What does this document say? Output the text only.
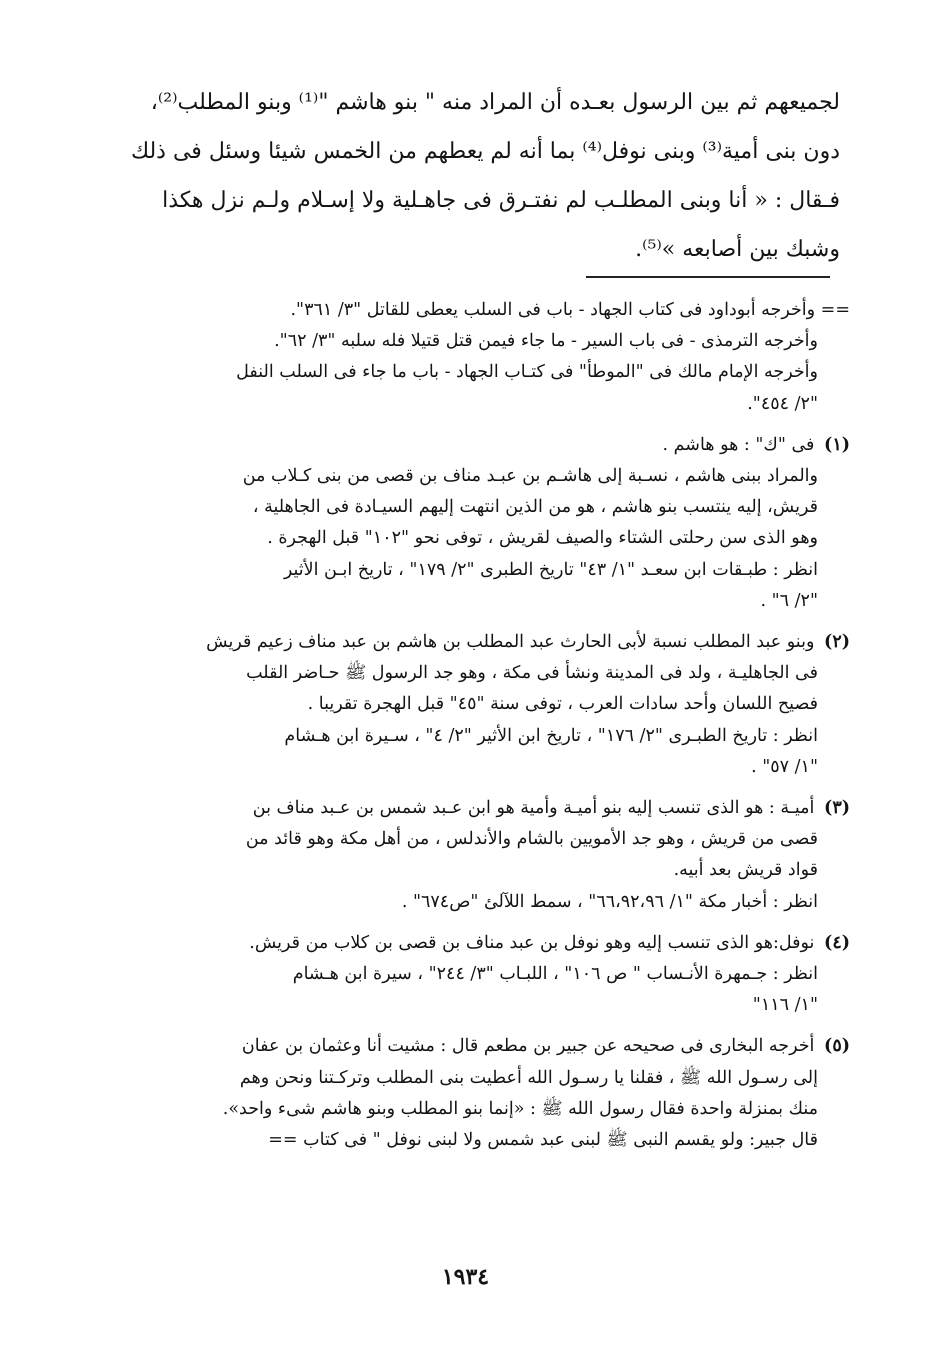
لجميعهم ثم بين الرسول بعـده أن المراد منه " بنو هاشم "⁽¹⁾ وبنو المطلب⁽²⁾،

دون بنى أمية⁽³⁾ وبنى نوفل⁽⁴⁾ بما أنه لم يعطهم من الخمس شيئا وسئل فى ذلك

فـقال : « أنا وبنى المطلـب لم نفتـرق فى جاهـلية ولا إسـلام ولـم نزل هكذا

وشبك بين أصابعه »⁽⁵⁾.

== وأخرجه أبوداود فى كتاب الجهاد - باب فى السلب يعطى للقاتل "٣/ ٣٦١".
وأخرجه الترمذى - فى باب السير - ما جاء فيمن قتل قتيلا فله سلبه "٣/ ٦٢".
وأخرجه الإمام مالك فى "الموطأ" فى كتـاب الجهاد - باب ما جاء فى السلب النفل
"٢/ ٤٥٤".
(١) فى "ك" : هو هاشم .
والمراد ببنى هاشم ، نسـبة إلى هاشـم بن عبـد مناف بن قصى من بنى كـلاب من
قريش، إليه ينتسب بنو هاشم ، هو من الذين انتهت إليهم السيـادة فى الجاهلية ،
وهو الذى سن رحلتى الشتاء والصيف لقريش ، توفى نحو "١٠٢" قبل الهجرة .
انظر : طبـقات ابن سعـد "١/ ٤٣" تاريخ الطبرى "٢/ ١٧٩" ، تاريخ ابـن الأثير
"٢/ ٦" .
(٢) وبنو عبد المطلب نسبة لأبى الحارث عبد المطلب بن هاشم بن عبد مناف زعيم قريش
فى الجاهليـة ، ولد فى المدينة ونشأ فى مكة ، وهو جد الرسول ﷺ حـاضر القلب
فصيح اللسان وأحد سادات العرب ، توفى سنة "٤٥" قبل الهجرة تقريبا .
انظر : تاريخ الطبـرى "٢/ ١٧٦" ، تاريخ ابن الأثير "٢/ ٤" ، سـيرة ابن هـشام
"١/ ٥٧" .
(٣) أميـة : هو الذى تنسب إليه بنو أميـة وأمية هو ابن عـبد شمس بن عـبد مناف بن
قصى من قريش ، وهو جد الأمويين بالشام والأندلس ، من أهل مكة وهو قائد من
قواد قريش بعد أبيه.
انظر : أخبار مكة "١/ ٦٦،٩٢،٩٦" ، سمط اللآلئ "ص٦٧٤" .
(٤) نوفل:هو الذى تنسب إليه وهو نوفل بن عبد مناف بن قصى بن كلاب من قريش.
انظر : جـمهرة الأنـساب " ص ١٠٦" ، اللبـاب "٣/ ٢٤٤" ، سيرة ابن هـشام
"١/ ١١٦"
(٥) أخرجه البخارى فى صحيحه عن جبير بن مطعم قال : مشيت أنا وعثمان بن عفان
إلى رسـول الله ﷺ ، فقلنا يا رسـول الله أعطيت بنى المطلب وتركـتنا ونحن وهم
منك بمنزلة واحدة فقال رسول الله ﷺ : «إنما بنو المطلب وبنو هاشم شىء واحد».
قال جبير: ولو يقسم النبى ﷺ لبنى عبد شمس ولا لبنى نوفل " فى كتاب ==
١٩٣٤
